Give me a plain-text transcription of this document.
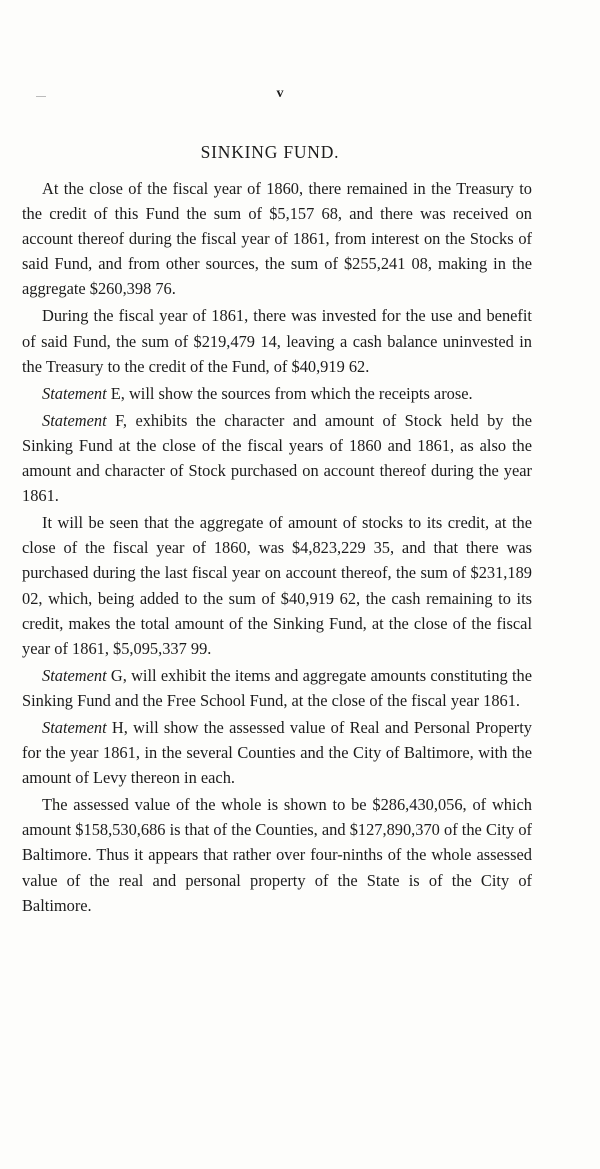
v
SINKING FUND.

At the close of the fiscal year of 1860, there remained in the Treasury to the credit of this Fund the sum of $5,157 68, and there was received on account thereof during the fiscal year of 1861, from interest on the Stocks of said Fund, and from other sources, the sum of $255,241 08, making in the aggregate $260,398 76.

During the fiscal year of 1861, there was invested for the use and benefit of said Fund, the sum of $219,479 14, leaving a cash balance uninvested in the Treasury to the credit of the Fund, of $40,919 62.

Statement E, will show the sources from which the receipts arose.

Statement F, exhibits the character and amount of Stock held by the Sinking Fund at the close of the fiscal years of 1860 and 1861, as also the amount and character of Stock purchased on account thereof during the year 1861.

It will be seen that the aggregate of amount of stocks to its credit, at the close of the fiscal year of 1860, was $4,823,229 35, and that there was purchased during the last fiscal year on account thereof, the sum of $231,189 02, which, being added to the sum of $40,919 62, the cash remaining to its credit, makes the total amount of the Sinking Fund, at the close of the fiscal year of 1861, $5,095,337 99.

Statement G, will exhibit the items and aggregate amounts constituting the Sinking Fund and the Free School Fund, at the close of the fiscal year 1861.

Statement H, will show the assessed value of Real and Personal Property for the year 1861, in the several Counties and the City of Baltimore, with the amount of Levy thereon in each.

The assessed value of the whole is shown to be $286,430,056, of which amount $158,530,686 is that of the Counties, and $127,890,370 of the City of Baltimore. Thus it appears that rather over four-ninths of the whole assessed value of the real and personal property of the State is of the City of Baltimore.
